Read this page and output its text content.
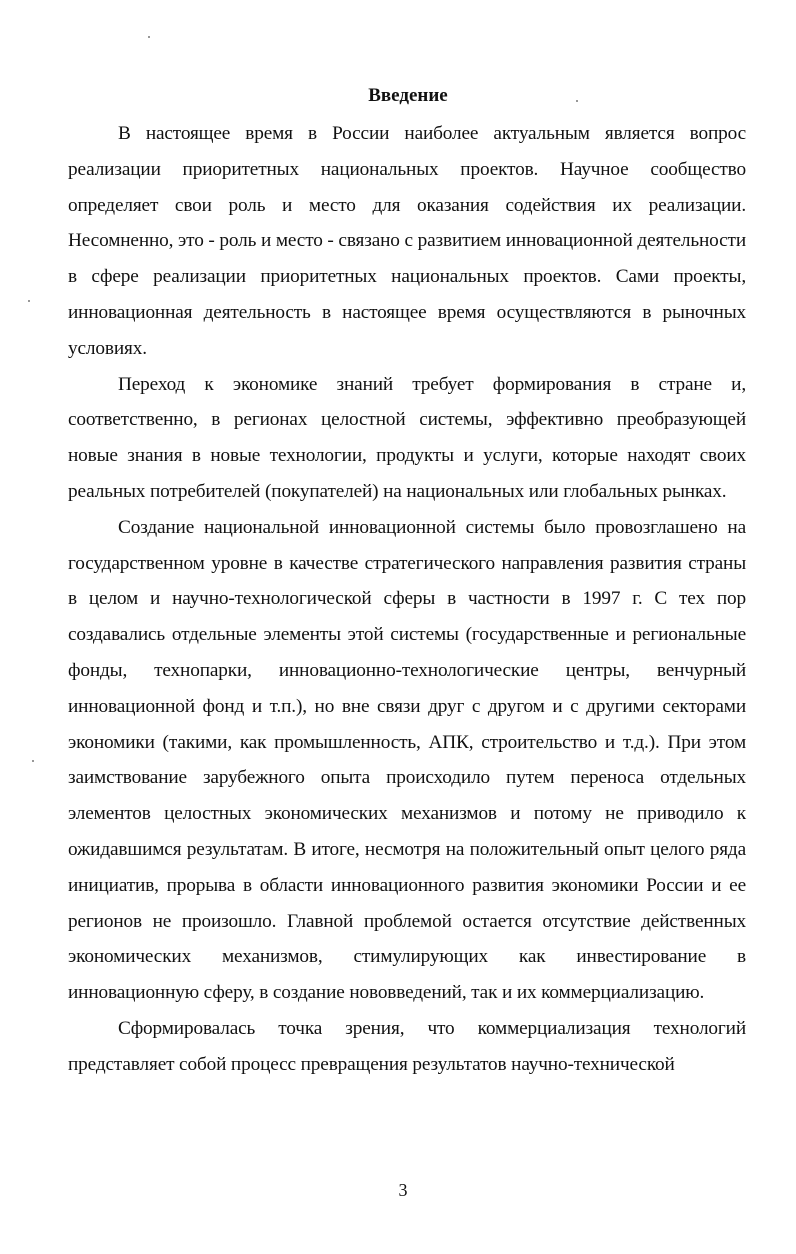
Введение

В настоящее время в России наиболее актуальным является вопрос реализации приоритетных национальных проектов. Научное сообщество определяет свои роль и место для оказания содействия их реализации. Несомненно, это - роль и место - связано с развитием инновационной деятельности в сфере реализации приоритетных национальных проектов. Сами проекты, инновационная деятельность в настоящее время осуществляются в рыночных условиях.

Переход к экономике знаний требует формирования в стране и, соответственно, в регионах целостной системы, эффективно преобразующей новые знания в новые технологии, продукты и услуги, которые находят своих реальных потребителей (покупателей) на национальных или глобальных рынках.

Создание национальной инновационной системы было провозглашено на государственном уровне в качестве стратегического направления развития страны в целом и научно-технологической сферы в частности в 1997 г. С тех пор создавались отдельные элементы этой системы (государственные и региональные фонды, технопарки, инновационно-технологические центры, венчурный инновационной фонд и т.п.), но вне связи друг с другом и с другими секторами экономики (такими, как промышленность, АПК, строительство и т.д.). При этом заимствование зарубежного опыта происходило путем переноса отдельных элементов целостных экономических механизмов и потому не приводило к ожидавшимся результатам. В итоге, несмотря на положительный опыт целого ряда инициатив, прорыва в области инновационного развития экономики России и ее регионов не произошло. Главной проблемой остается отсутствие действенных экономических механизмов, стимулирующих как инвестирование в инновационную сферу, в создание нововведений, так и их коммерциализацию.

Сформировалась точка зрения, что коммерциализация технологий представляет собой процесс превращения результатов научно-технической

3
